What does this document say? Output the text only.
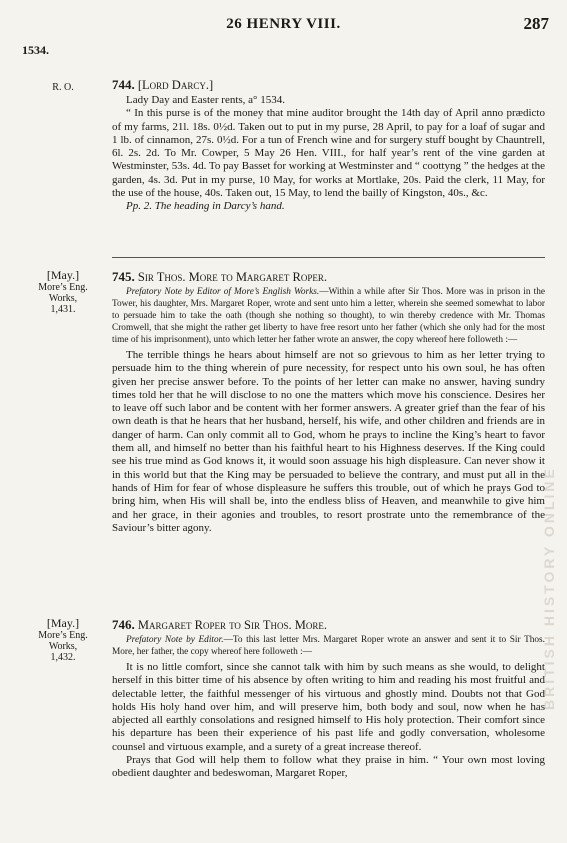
26 HENRY VIII.	287
1534.
BRITISH HISTORY ONLINE
R. O.	744. [Lord Darcy.]

Lady Day and Easter rents, a° 1534.

“ In this purse is of the money that mine auditor brought the 14th day of April anno prædicto of my farms, 21l. 18s. 0½d. Taken out to put in my purse, 28 April, to pay for a loaf of sugar and 1 lb. of cinnamon, 27s. 0½d. For a tun of French wine and for surgery stuff bought by Chauntrell, 6l. 2s. 2d. To Mr. Cowper, 5 May 26 Hen. VIII., for half year’s rent of the vine garden at Westminster, 53s. 4d. To pay Basset for working at Westminster and “ coottyng ” the hedges at the garden, 4s. 3d. Put in my purse, 10 May, for works at Mortlake, 20s. Paid the clerk, 11 May, for the use of the house, 40s. Taken out, 15 May, to lend the bailly of Kingston, 40s., &c.

Pp. 2. The heading in Darcy’s hand.

[May.]
More’s Eng.
Works,
1,431.
745. Sir Thos. More to Margaret Roper.

Prefatory Note by Editor of More’s English Works.—Within a while after Sir Thos. More was in prison in the Tower, his daughter, Mrs. Margaret Roper, wrote and sent unto him a letter, wherein she seemed somewhat to labor to persuade him to take the oath (though she nothing so thought), to win thereby credence with Mr. Thomas Cromwell, that she might the rather get liberty to have free resort unto her father (which she only had for the most time of his imprisonment), unto which letter her father wrote an answer, the copy whereof here followeth :—

The terrible things he hears about himself are not so grievous to him as her letter trying to persuade him to the thing wherein of pure necessity, for respect unto his own soul, he has often given her precise answer before. To the points of her letter can make no answer, having sundry times told her that he will disclose to no one the matters which move his conscience. Desires her to leave off such labor and be content with her former answers. A greater grief than the fear of his own death is that he hears that her husband, herself, his wife, and other children and friends are in danger of harm. Can only commit all to God, whom he prays to incline the King’s heart to favor them all, and himself no better than his faithful heart to his Highness deserves. If the King could see his true mind as God knows it, it would soon assuage his high displeasure. Can never show it in this world but that the King may be persuaded to believe the contrary, and must put all in the hands of Him for fear of whose displeasure he suffers this trouble, out of which he prays God to bring him, when His will shall be, into the endless bliss of Heaven, and meanwhile to give him and her grace, in their agonies and troubles, to resort prostrate unto the remembrance of the Saviour’s bitter agony.

[May.]
More’s Eng.
Works,
1,432.
746. Margaret Roper to Sir Thos. More.

Prefatory Note by Editor.—To this last letter Mrs. Margaret Roper wrote an answer and sent it to Sir Thos. More, her father, the copy whereof here followeth :—

It is no little comfort, since she cannot talk with him by such means as she would, to delight herself in this bitter time of his absence by often writing to him and reading his most fruitful and delectable letter, the faithful messenger of his virtuous and ghostly mind. Doubts not that God holds His holy hand over him, and will preserve him, both body and soul, now when he has abjected all earthly consolations and resigned himself to His holy protection. Their comfort since his departure has been their experience of his past life and godly conversation, wholesome counsel and virtuous example, and a surety of a great increase thereof.

Prays that God will help them to follow what they praise in him. “ Your own most loving obedient daughter and bedeswoman, Margaret Roper,
